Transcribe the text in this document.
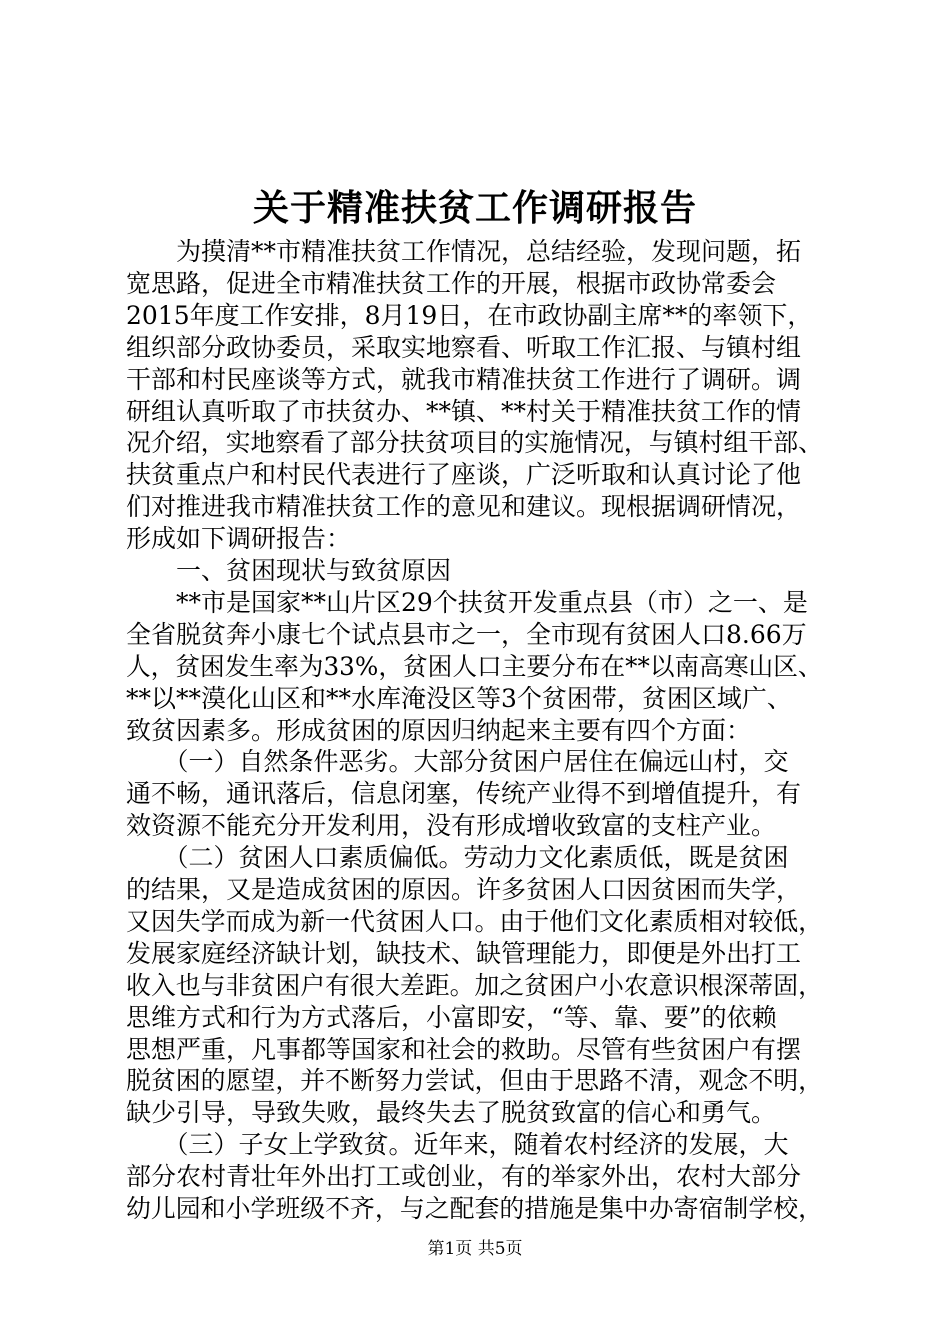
关于精准扶贫工作调研报告
　　为摸清**市精准扶贫工作情况，总结经验，发现问题，拓
宽思路，促进全市精准扶贫工作的开展，根据市政协常委会
2015年度工作安排，8月19日，在市政协副主席**的率领下，
组织部分政协委员，采取实地察看、听取工作汇报、与镇村组
干部和村民座谈等方式，就我市精准扶贫工作进行了调研。调
研组认真听取了市扶贫办、**镇、**村关于精准扶贫工作的情
况介绍，实地察看了部分扶贫项目的实施情况，与镇村组干部、
扶贫重点户和村民代表进行了座谈，广泛听取和认真讨论了他
们对推进我市精准扶贫工作的意见和建议。现根据调研情况，
形成如下调研报告：
　　一、贫困现状与致贫原因
　　**市是国家**山片区29个扶贫开发重点县（市）之一、是
全省脱贫奔小康七个试点县市之一，全市现有贫困人口8.66万
人，贫困发生率为33%，贫困人口主要分布在**以南高寒山区、
**以**漠化山区和**水库淹没区等3个贫困带，贫困区域广、
致贫因素多。形成贫困的原因归纳起来主要有四个方面：
　　（一）自然条件恶劣。大部分贫困户居住在偏远山村，交
通不畅，通讯落后，信息闭塞，传统产业得不到增值提升，有
效资源不能充分开发利用，没有形成增收致富的支柱产业。
　　（二）贫困人口素质偏低。劳动力文化素质低，既是贫困
的结果，又是造成贫困的原因。许多贫困人口因贫困而失学，
又因失学而成为新一代贫困人口。由于他们文化素质相对较低，
发展家庭经济缺计划，缺技术、缺管理能力，即便是外出打工
收入也与非贫困户有很大差距。加之贫困户小农意识根深蒂固，
思维方式和行为方式落后，小富即安，“等、靠、要”的依赖
思想严重，凡事都等国家和社会的救助。尽管有些贫困户有摆
脱贫困的愿望，并不断努力尝试，但由于思路不清，观念不明，
缺少引导，导致失败，最终失去了脱贫致富的信心和勇气。
　　（三）子女上学致贫。近年来，随着农村经济的发展，大
部分农村青壮年外出打工或创业，有的举家外出，农村大部分
幼儿园和小学班级不齐，与之配套的措施是集中办寄宿制学校，
第1页 共5页
